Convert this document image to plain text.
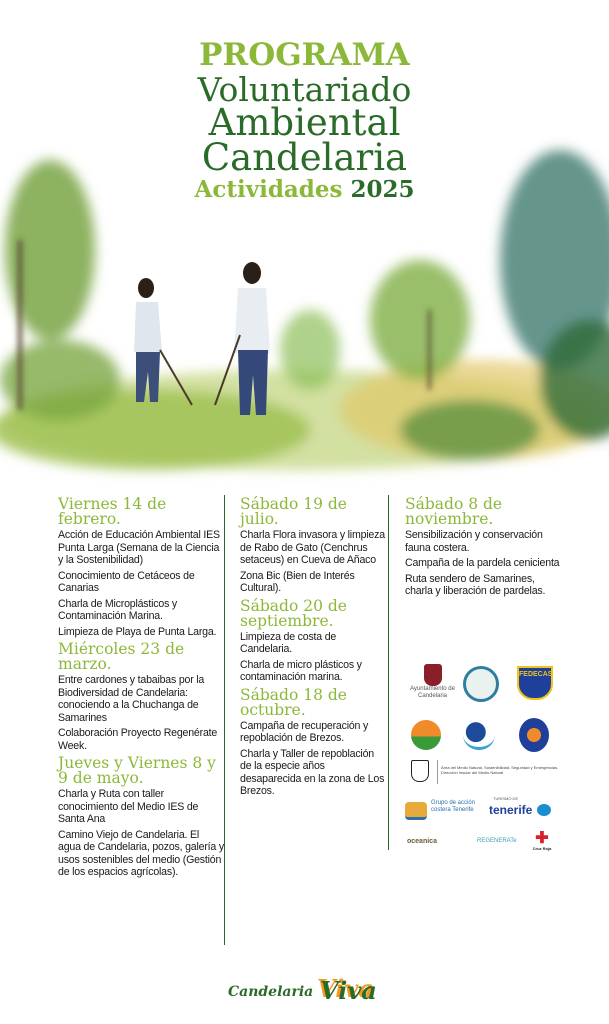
PROGRAMA
Voluntariado
Ambiental
Candelaria
Actividades 2025
Viernes 14 de febrero.

Acción de Educación Ambiental IES Punta Larga (Semana de la Ciencia y la Sostenibilidad)

Conocimiento de Cetáceos de Canarias

Charla de Microplásticos y Contaminación Marina.

Limpieza de Playa de Punta Larga.

Miércoles 23 de marzo.

Entre cardones y tabaibas por la Biodiversidad de Candelaria: conociendo a la Chuchanga de Samarines

Colaboración Proyecto Regenérate Week.

Jueves y Viernes 8 y 9 de mayo.

Charla y Ruta con taller conocimiento del Medio IES de Santa Ana

Camino Viejo de Candelaria. El agua de Candelaria, pozos, galería y usos sostenibles del medio (Gestión de los espacios agrícolas).

Sábado 19 de julio.

Charla Flora invasora y limpieza de Rabo de Gato (Cenchrus setaceus) en Cueva de Añaco

Zona Bic (Bien de Interés Cultural).

Sábado 20 de septiembre.

Limpieza de costa de Candelaria.

Charla de micro plásticos y contaminación marina.

Sábado 18 de octubre.

Campaña de recuperación y repoblación de Brezos.

Charla y Taller de repoblación de la especie años desaparecida en la zona de Los Brezos.

Sábado 8 de noviembre.

Sensibilización y conservación fauna costera.

Campaña de la pardela cenicienta

Ruta sendero de Samarines, charla y liberación de pardelas.

Ayuntamiento de Candelaria
FEDECAS
Área del Medio Natural, Sostenibilidad, Seguridad y Emergencias. Dirección Insular del Medio Natural
Grupo de acción costera Tenerife
TURISMO DE
tenerife
oceanica	REGENERATe ✚
Cruz Roja
Candelaria Viva
